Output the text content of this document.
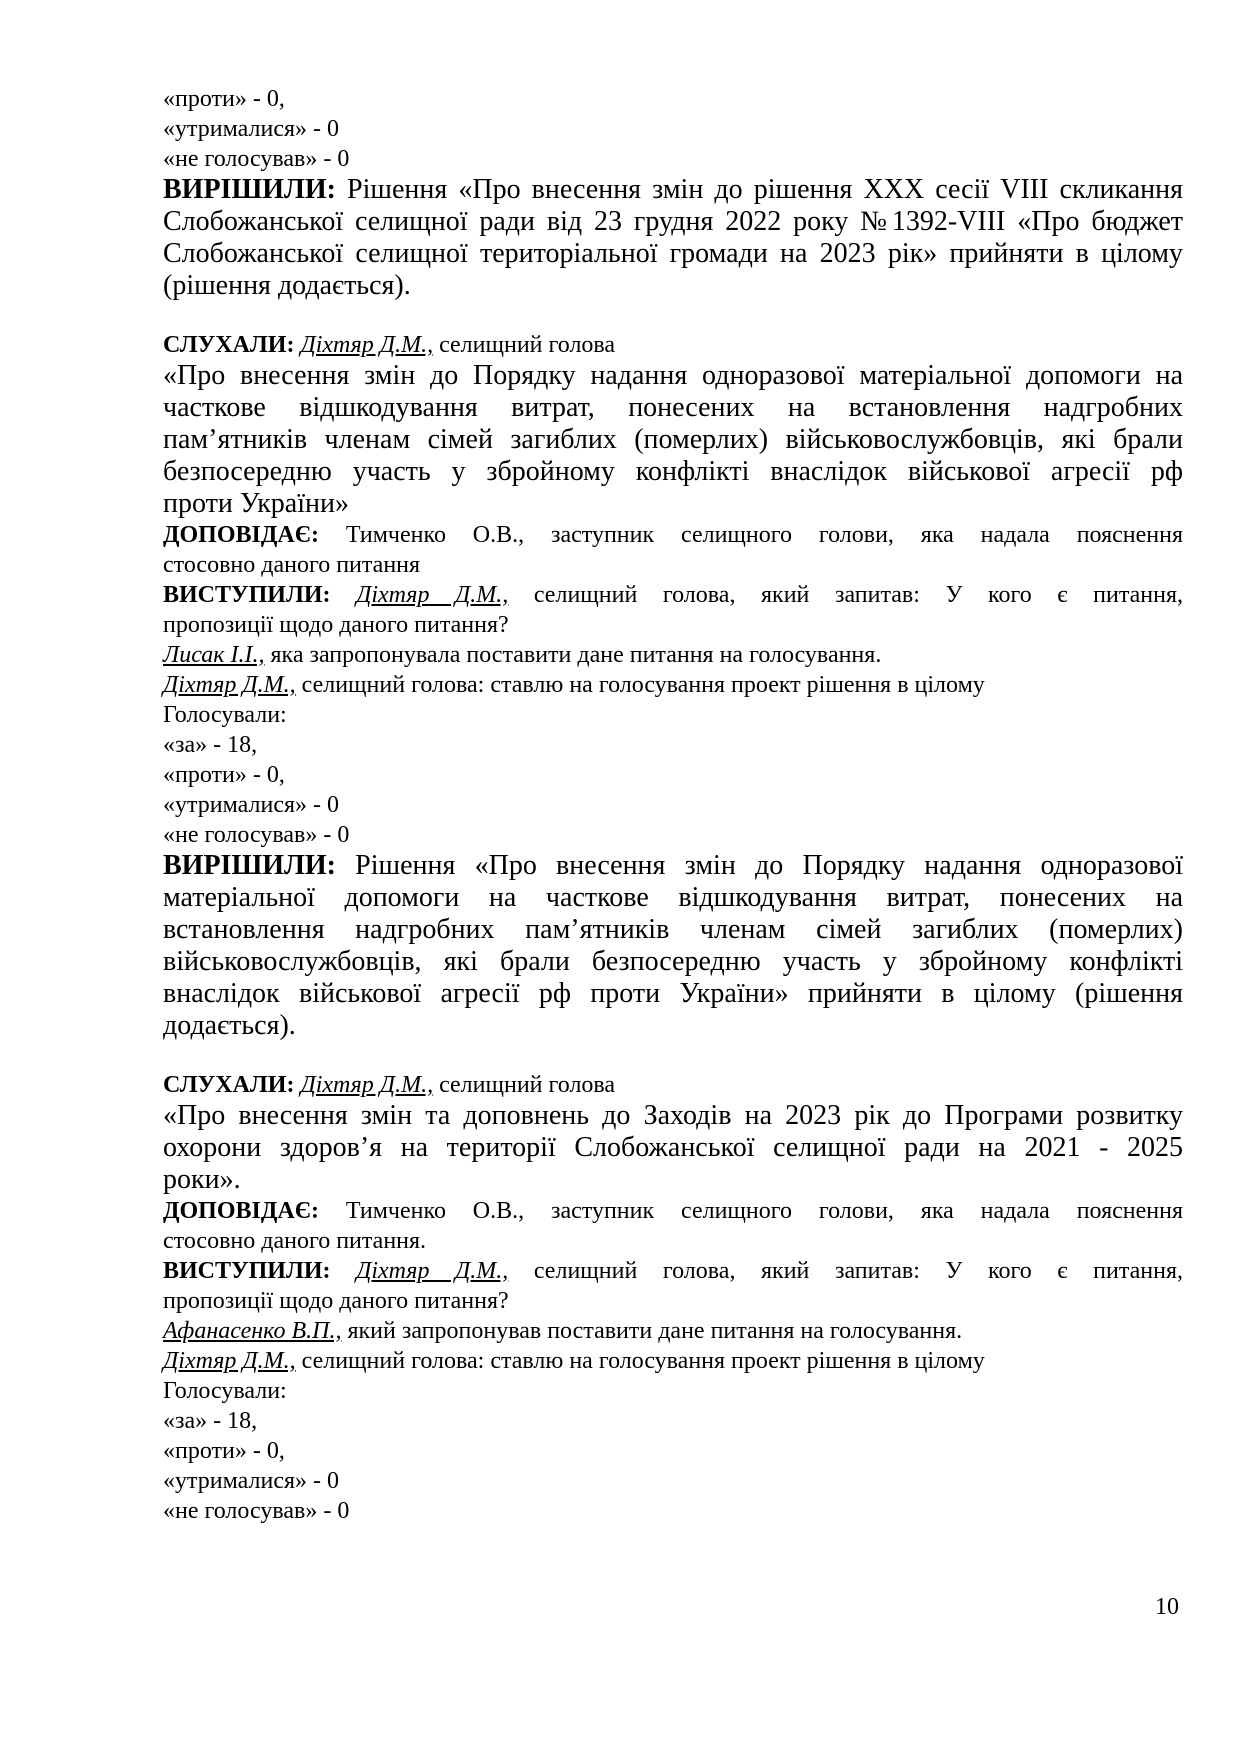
«проти» - 0,
«утрималися» - 0
«не голосував» - 0
ВИРІШИЛИ: Рішення «Про внесення змін до рішення XXX сесії VIII скликання
Слобожанської селищної ради від 23 грудня 2022 року №1392-VIII «Про бюджет
Слобожанської селищної територіальної громади на 2023 рік» прийняти в цілому
(рішення додається).
СЛУХАЛИ: Діхтяр Д.М., селищний голова
«Про внесення змін до Порядку надання одноразової матеріальної допомоги на
часткове відшкодування витрат, понесених на встановлення надгробних
пам’ятників членам сімей загиблих (померлих) військовослужбовців, які брали
безпосередню участь у збройному конфлікті внаслідок військової агресії рф
проти України»
ДОПОВІДАЄ: Тимченко О.В., заступник селищного голови, яка надала пояснення
стосовно даного питання
ВИСТУПИЛИ: Діхтяр Д.М., селищний голова, який запитав: У кого є питання,
пропозиції щодо даного питання?
Лисак І.І., яка запропонувала поставити дане питання на голосування.
Діхтяр Д.М., селищний голова: ставлю на голосування проект рішення в цілому
Голосували:
«за» - 18,
«проти» - 0,
«утрималися» - 0
«не голосував» - 0
ВИРІШИЛИ: Рішення «Про внесення змін до Порядку надання одноразової
матеріальної допомоги на часткове відшкодування витрат, понесених на
встановлення надгробних пам’ятників членам сімей загиблих (померлих)
військовослужбовців, які брали безпосередню участь у збройному конфлікті
внаслідок військової агресії рф проти України» прийняти в цілому (рішення
додається).
СЛУХАЛИ: Діхтяр Д.М., селищний голова
«Про внесення змін та доповнень до Заходів на 2023 рік до Програми розвитку
охорони здоров’я на території Слобожанської селищної ради на 2021 - 2025
роки».
ДОПОВІДАЄ: Тимченко О.В., заступник селищного голови, яка надала пояснення
стосовно даного питання.
ВИСТУПИЛИ: Діхтяр Д.М., селищний голова, який запитав: У кого є питання,
пропозиції щодо даного питання?
Афанасенко В.П., який запропонував поставити дане питання на голосування.
Діхтяр Д.М., селищний голова: ставлю на голосування проект рішення в цілому
Голосували:
«за» - 18,
«проти» - 0,
«утрималися» - 0
«не голосував» - 0
10
